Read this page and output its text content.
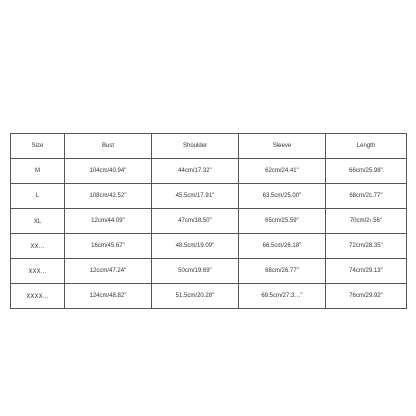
Size	Bust	Shoulder	Sleeve	Length
M	104cm/40.94''	44cm/17.32''	62cm/24.41''	66cm/25.98''
L	108cm/42.52''	45.5cm/17.91''	63.5cm/25.00''	68cm/2ᴄ.77''
ⅩL	12cm/44.09''	47cm/18.50''	65cm/25.59''	70cm/2‹.56''
ⅩⅩ…	16cm/45.67''	48.5cm/19.09''	66.5cm/26.18''	72cm/28.35''
ⅩⅩⅩ…	12ᴄcm/47.24''	50cm/19.69''	68cm/26.77''	74cm/29.13''
ⅩⅩⅩⅩ…	124cm/48.82''	51.5cm/20.28''	69.5cm/27.3…''	76cm/29.92''
